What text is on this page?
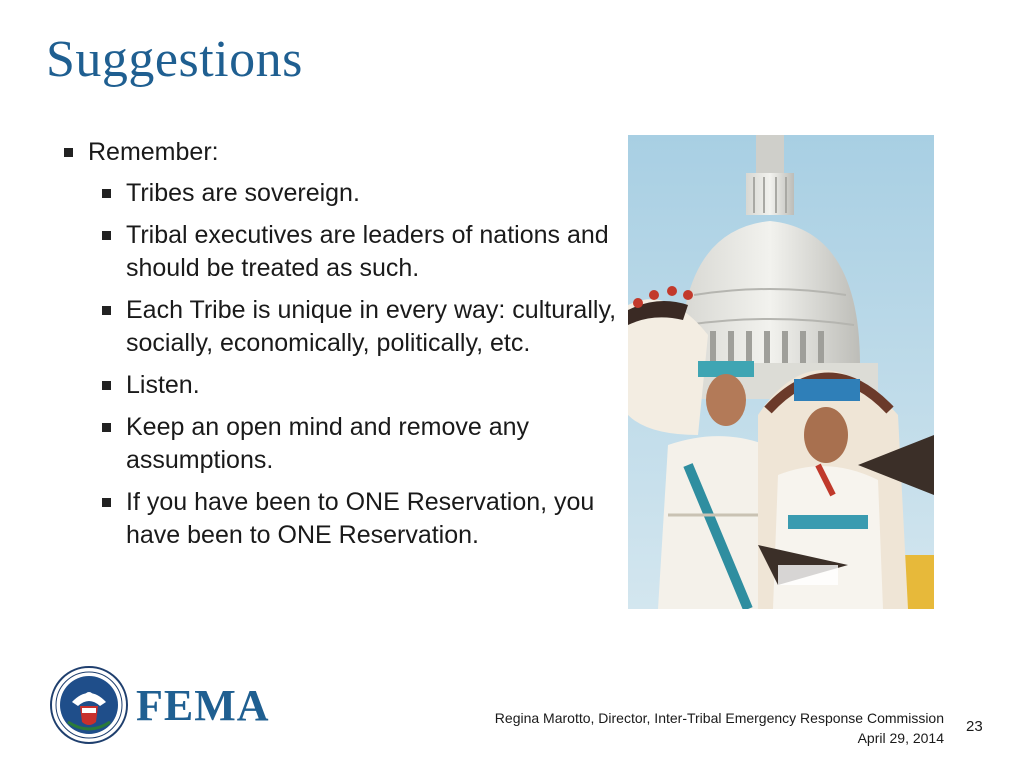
Suggestions
Remember:
Tribes are sovereign.
Tribal executives are leaders of nations and should be treated as such.
Each Tribe is unique in every way: culturally, socially, economically, politically, etc.
Listen.
Keep an open mind and remove any assumptions.
If you have been to ONE Reservation, you have been to ONE Reservation.
FEMA	Regina Marotto, Director, Inter-Tribal Emergency Response Commission
April 29, 2014
23
